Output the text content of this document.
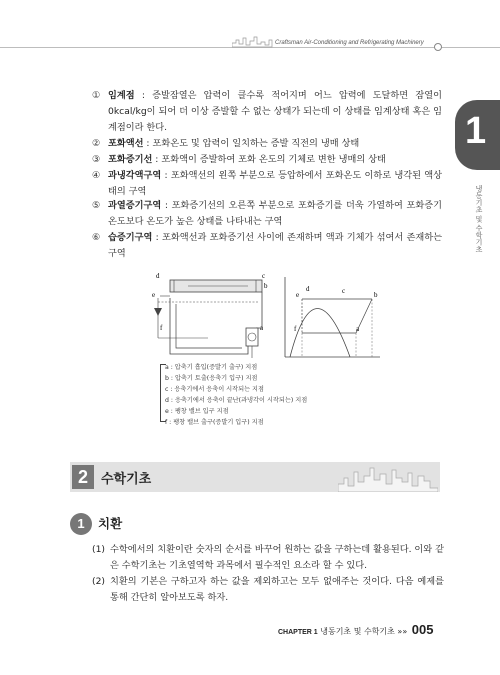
Craftsman Air-Conditioning and Refrigerating Machinery
1
냉동기초 및 수학기초
① 임계점 : 증발잠열은 압력이 클수록 적어지며 어느 압력에 도달하면 잠열이 0kcal/kg이 되어 더 이상 증발할 수 없는 상태가 되는데 이 상태를 임계상태 혹은 임계점이라 한다.
② 포화액선 : 포화온도 및 압력이 일치하는 증발 직전의 냉매 상태
③ 포화증기선 : 포화액이 증발하여 포화 온도의 기체로 변한 냉매의 상태
④ 과냉각액구역 : 포화액선의 왼쪽 부분으로 등압하에서 포화온도 이하로 냉각된 액상태의 구역
⑤ 과열증기구역 : 포화증기선의 오른쪽 부분으로 포화증기를 더욱 가열하여 포화증기 온도보다 온도가 높은 상태를 나타내는 구역
⑥ 습증기구역 : 포화액선과 포화증기선 사이에 존재하며 액과 기체가 섞여서 존재하는 구역
d	c
b
e
a
f
d	c
e	b
f	a
a : 압축기 흡입(증발기 출구) 지점
b : 압축기 토출(응축기 입구) 지점
c : 응축기에서 응축이 시작되는 지점
d : 응축기에서 응축이 끝난(과냉각이 시작되는) 지점
e : 팽창 밸브 입구 지점
f : 팽창 밸브 출구(증발기 입구) 지점
2	수학기초
1	치환
(1) 수학에서의 치환이란 숫자의 순서를 바꾸어 원하는 값을 구하는데 활용된다. 이와 같은 수학기초는 기초열역학 과목에서 필수적인 요소라 할 수 있다.
(2) 치환의 기본은 구하고자 하는 값을 제외하고는 모두 없애주는 것이다. 다음 예제를 통해 간단히 알아보도록 하자.
CHAPTER 1 냉동기초 및 수학기초 »» 005
